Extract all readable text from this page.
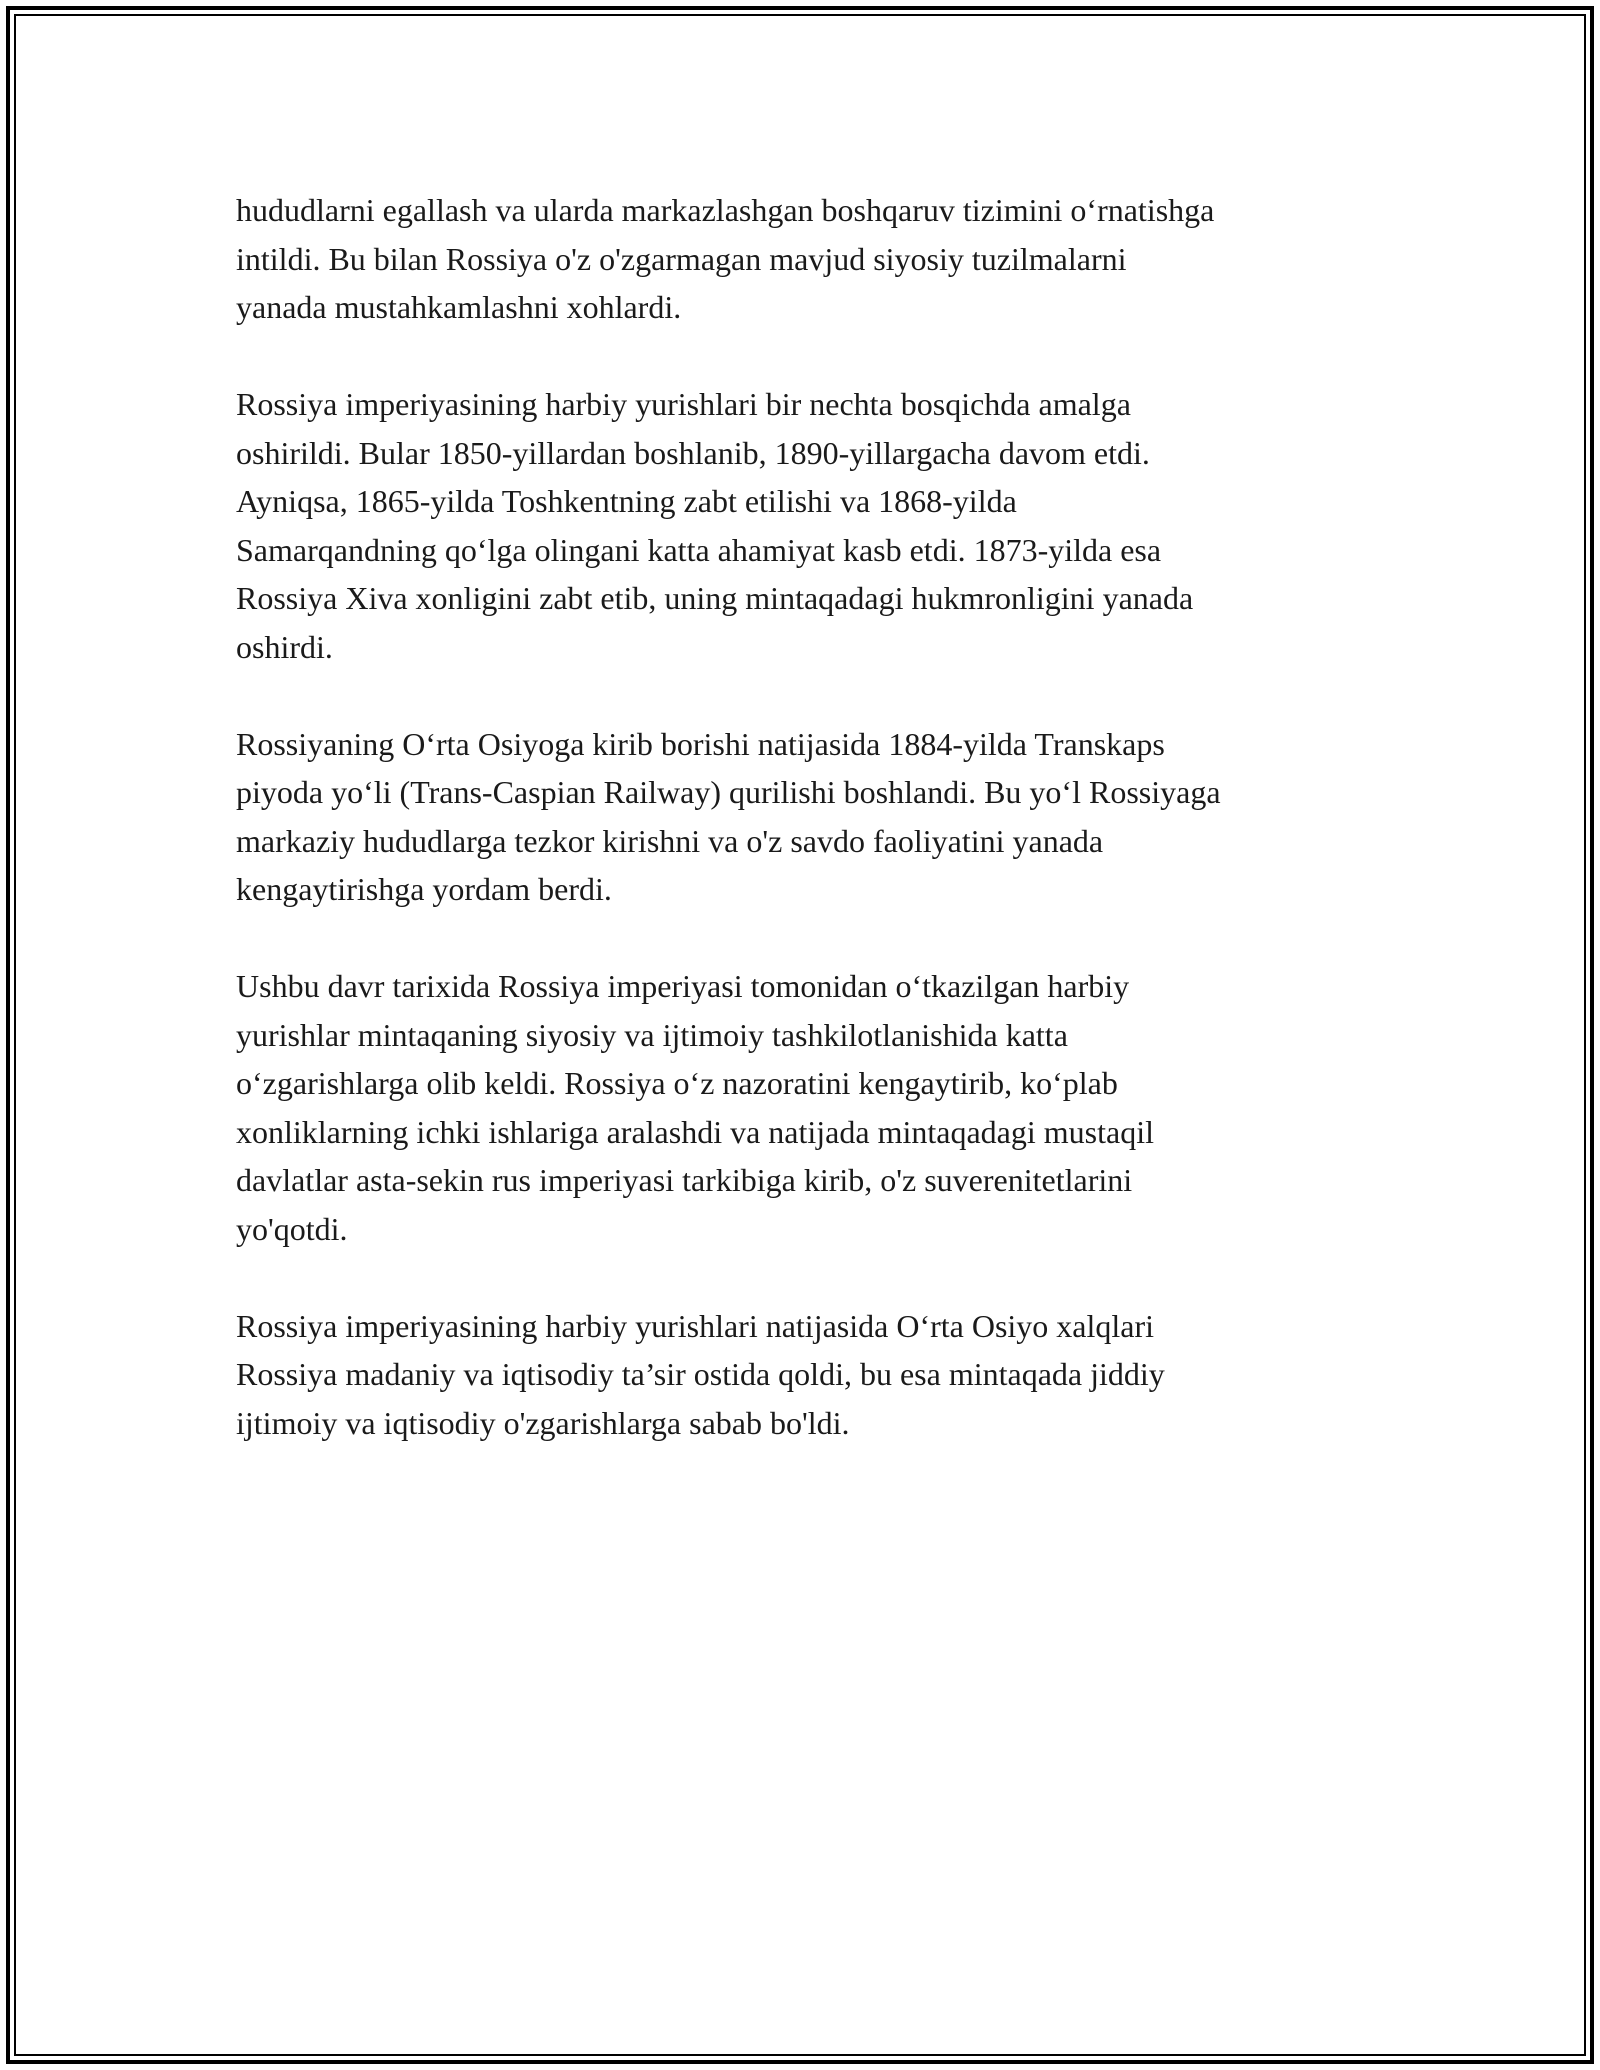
hududlarni egallash va ularda markazlashgan boshqaruv tizimini o‘rnatishga
intildi. Bu bilan Rossiya o'z o'zgarmagan mavjud siyosiy tuzilmalarni
yanada mustahkamlashni xohlardi.

Rossiya imperiyasining harbiy yurishlari bir nechta bosqichda amalga
oshirildi. Bular 1850-yillardan boshlanib, 1890-yillargacha davom etdi.
Ayniqsa, 1865-yilda Toshkentning zabt etilishi va 1868-yilda
Samarqandning qo‘lga olingani katta ahamiyat kasb etdi. 1873-yilda esa
Rossiya Xiva xonligini zabt etib, uning mintaqadagi hukmronligini yanada
oshirdi.

Rossiyaning O‘rta Osiyoga kirib borishi natijasida 1884-yilda Transkaps
piyoda yo‘li (Trans-Caspian Railway) qurilishi boshlandi. Bu yo‘l Rossiyaga
markaziy hududlarga tezkor kirishni va o'z savdo faoliyatini yanada
kengaytirishga yordam berdi.

Ushbu davr tarixida Rossiya imperiyasi tomonidan o‘tkazilgan harbiy
yurishlar mintaqaning siyosiy va ijtimoiy tashkilotlanishida katta
o‘zgarishlarga olib keldi. Rossiya o‘z nazoratini kengaytirib, ko‘plab
xonliklarning ichki ishlariga aralashdi va natijada mintaqadagi mustaqil
davlatlar asta-sekin rus imperiyasi tarkibiga kirib, o'z suverenitetlarini
yo'qotdi.

Rossiya imperiyasining harbiy yurishlari natijasida O‘rta Osiyo xalqlari
Rossiya madaniy va iqtisodiy ta’sir ostida qoldi, bu esa mintaqada jiddiy
ijtimoiy va iqtisodiy o'zgarishlarga sabab bo'ldi.
